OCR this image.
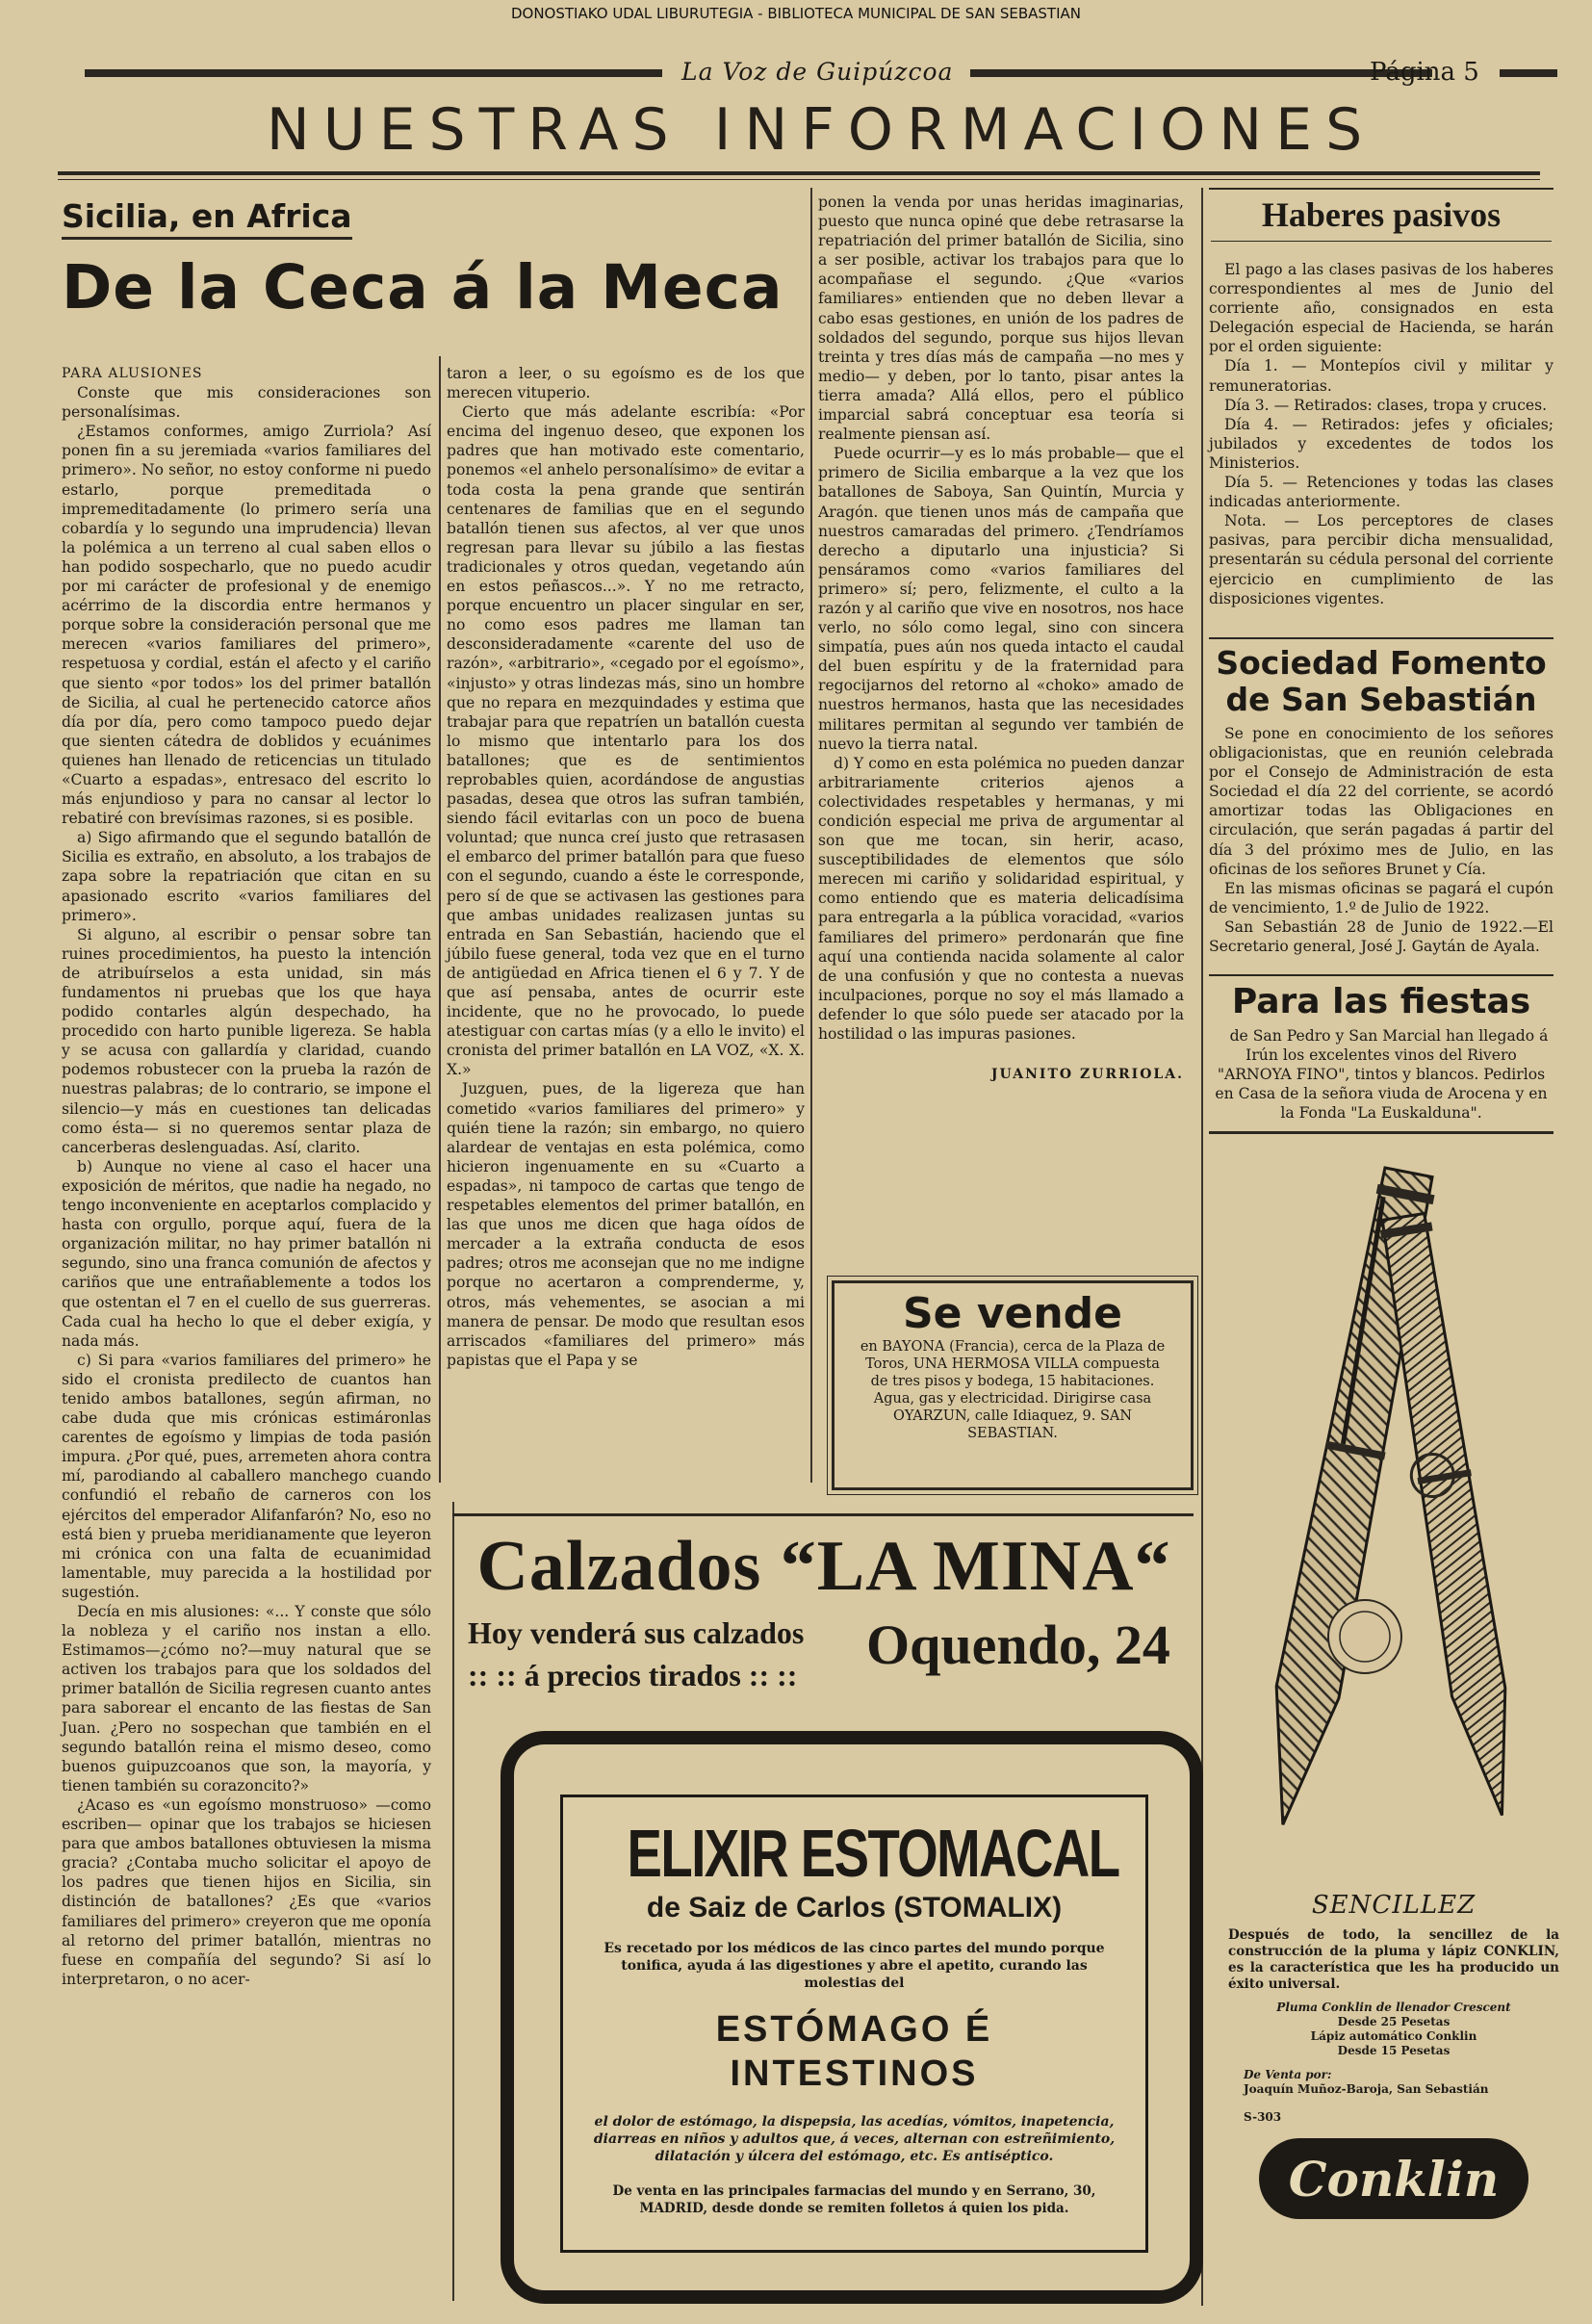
DONOSTIAKO UDAL LIBURUTEGIA - BIBLIOTECA MUNICIPAL DE SAN SEBASTIAN
La Voz de Guipúzcoa	Página 5
NUESTRAS INFORMACIONES
Sicilia, en Africa
De la Ceca á la Meca

PARA ALUSIONES

Conste que mis consideraciones son personalísimas.

¿Estamos conformes, amigo Zurriola? Así ponen fin a su jeremiada «varios familiares del primero». No señor, no estoy conforme ni puedo estarlo, porque premeditada o impremeditadamente (lo primero sería una cobardía y lo segundo una imprudencia) llevan la polémica a un terreno al cual saben ellos o han podido sospecharlo, que no puedo acudir por mi carácter de profesional y de enemigo acérrimo de la discordia entre hermanos y porque sobre la consideración personal que me merecen «varios familiares del primero», respetuosa y cordial, están el afecto y el cariño que siento «por todos» los del primer batallón de Sicilia, al cual he pertenecido catorce años día por día, pero como tampoco puedo dejar que sienten cátedra de doblidos y ecuánimes quienes han llenado de reticencias un titulado «Cuarto a espadas», entresaco del escrito lo más enjundioso y para no cansar al lector lo rebatiré con brevísimas razones, si es posible.

a) Sigo afirmando que el segundo batallón de Sicilia es extraño, en absoluto, a los trabajos de zapa sobre la repatriación que citan en su apasionado escrito «varios familiares del primero».

Si alguno, al escribir o pensar sobre tan ruines procedimientos, ha puesto la intención de atribuírselos a esta unidad, sin más fundamentos ni pruebas que los que haya podido contarles algún despechado, ha procedido con harto punible ligereza. Se habla y se acusa con gallardía y claridad, cuando podemos robustecer con la prueba la razón de nuestras palabras; de lo contrario, se impone el silencio—y más en cuestiones tan delicadas como ésta— si no queremos sentar plaza de cancerberas deslenguadas. Así, clarito.

b) Aunque no viene al caso el hacer una exposición de méritos, que nadie ha negado, no tengo inconveniente en aceptarlos complacido y hasta con orgullo, porque aquí, fuera de la organización militar, no hay primer batallón ni segundo, sino una franca comunión de afectos y cariños que une entrañablemente a todos los que ostentan el 7 en el cuello de sus guerreras. Cada cual ha hecho lo que el deber exigía, y nada más.

c) Si para «varios familiares del primero» he sido el cronista predilecto de cuantos han tenido ambos batallones, según afirman, no cabe duda que mis crónicas estimáronlas carentes de egoísmo y limpias de toda pasión impura. ¿Por qué, pues, arremeten ahora contra mí, parodiando al caballero manchego cuando confundió el rebaño de carneros con los ejércitos del emperador Alifanfarón? No, eso no está bien y prueba meridianamente que leyeron mi crónica con una falta de ecuanimidad lamentable, muy parecida a la hostilidad por sugestión.

Decía en mis alusiones: «... Y conste que sólo la nobleza y el cariño nos instan a ello. Estimamos—¿cómo no?—muy natural que se activen los trabajos para que los soldados del primer batallón de Sicilia regresen cuanto antes para saborear el encanto de las fiestas de San Juan. ¿Pero no sospechan que también en el segundo batallón reina el mismo deseo, como buenos guipuzcoanos que son, la mayoría, y tienen también su corazoncito?»

¿Acaso es «un egoísmo monstruoso» —como escriben— opinar que los trabajos se hiciesen para que ambos batallones obtuviesen la misma gracia? ¿Contaba mucho solicitar el apoyo de los padres que tienen hijos en Sicilia, sin distinción de batallones? ¿Es que «varios familiares del primero» creyeron que me oponía al retorno del primer batallón, mientras no fuese en compañía del segundo? Si así lo interpretaron, o no acer-

taron a leer, o su egoísmo es de los que merecen vituperio.

Cierto que más adelante escribía: «Por encima del ingenuo deseo, que exponen los padres que han motivado este comentario, ponemos «el anhelo personalísimo» de evitar a toda costa la pena grande que sentirán centenares de familias que en el segundo batallón tienen sus afectos, al ver que unos regresan para llevar su júbilo a las fiestas tradicionales y otros quedan, vegetando aún en estos peñascos...». Y no me retracto, porque encuentro un placer singular en ser, no como esos padres me llaman tan desconsideradamente «carente del uso de razón», «arbitrario», «cegado por el egoísmo», «injusto» y otras lindezas más, sino un hombre que no repara en mezquindades y estima que trabajar para que repatríen un batallón cuesta lo mismo que intentarlo para los dos batallones; que es de sentimientos reprobables quien, acordándose de angustias pasadas, desea que otros las sufran también, siendo fácil evitarlas con un poco de buena voluntad; que nunca creí justo que retrasasen el embarco del primer batallón para que fueso con el segundo, cuando a éste le corresponde, pero sí de que se activasen las gestiones para que ambas unidades realizasen juntas su entrada en San Sebastián, haciendo que el júbilo fuese general, toda vez que en el turno de antigüedad en Africa tienen el 6 y 7. Y de que así pensaba, antes de ocurrir este incidente, que no he provocado, lo puede atestiguar con cartas mías (y a ello le invito) el cronista del primer batallón en LA VOZ, «X. X. X.»

Juzguen, pues, de la ligereza que han cometido «varios familiares del primero» y quién tiene la razón; sin embargo, no quiero alardear de ventajas en esta polémica, como hicieron ingenuamente en su «Cuarto a espadas», ni tampoco de cartas que tengo de respetables elementos del primer batallón, en las que unos me dicen que haga oídos de mercader a la extraña conducta de esos padres; otros me aconsejan que no me indigne porque no acertaron a comprenderme, y, otros, más vehementes, se asocian a mi manera de pensar. De modo que resultan esos arriscados «familiares del primero» más papistas que el Papa y se

ponen la venda por unas heridas imaginarias, puesto que nunca opiné que debe retrasarse la repatriación del primer batallón de Sicilia, sino a ser posible, activar los trabajos para que lo acompañase el segundo. ¿Que «varios familiares» entienden que no deben llevar a cabo esas gestiones, en unión de los padres de soldados del segundo, porque sus hijos llevan treinta y tres días más de campaña —no mes y medio— y deben, por lo tanto, pisar antes la tierra amada? Allá ellos, pero el público imparcial sabrá conceptuar esa teoría si realmente piensan así.

Puede ocurrir—y es lo más probable— que el primero de Sicilia embarque a la vez que los batallones de Saboya, San Quintín, Murcia y Aragón. que tienen unos más de campaña que nuestros camaradas del primero. ¿Tendríamos derecho a diputarlo una injusticia? Si pensáramos como «varios familiares del primero» sí; pero, felizmente, el culto a la razón y al cariño que vive en nosotros, nos hace verlo, no sólo como legal, sino con sincera simpatía, pues aún nos queda intacto el caudal del buen espíritu y de la fraternidad para regocijarnos del retorno al «choko» amado de nuestros hermanos, hasta que las necesidades militares permitan al segundo ver también de nuevo la tierra natal.

d) Y como en esta polémica no pueden danzar arbitrariamente criterios ajenos a colectividades respetables y hermanas, y mi condición especial me priva de argumentar al son que me tocan, sin herir, acaso, susceptibilidades de elementos que sólo merecen mi cariño y solidaridad espiritual, y como entiendo que es materia delicadísima para entregarla a la pública voracidad, «varios familiares del primero» perdonarán que fine aquí una contienda nacida solamente al calor de una confusión y que no contesta a nuevas inculpaciones, porque no soy el más llamado a defender lo que sólo puede ser atacado por la hostilidad o las impuras pasiones.

JUANITO ZURRIOLA.

Se vende
en BAYONA (Francia), cerca de la Plaza de Toros, UNA HERMOSA VILLA compuesta de tres pisos y bodega, 15 habitaciones. Agua, gas y electricidad. Dirigirse casa OYARZUN, calle Idiaquez, 9. SAN SEBASTIAN.
Calzados “LA MINA“
Hoy venderá sus calzados
:: :: á precios tirados :: :: Oquendo, 24
ELIXIR ESTOMACAL
de Saiz de Carlos (STOMALIX)
Es recetado por los médicos de las cinco partes del mundo porque tonifica, ayuda á las digestiones y abre el apetito, curando las molestias del
ESTÓMAGO É
INTESTINOS
el dolor de estómago, la dispepsia, las acedías, vómitos, inapetencia, diarreas en niños y adultos que, á veces, alternan con estreñimiento, dilatación y úlcera del estómago, etc. Es antiséptico.
De venta en las principales farmacias del mundo y en Serrano, 30, MADRID, desde donde se remiten folletos á quien los pida.
Haberes pasivos

El pago a las clases pasivas de los haberes correspondientes al mes de Junio del corriente año, consignados en esta Delegación especial de Hacienda, se harán por el orden siguiente:

Día 1. — Montepíos civil y militar y remuneratorias.

Día 3. — Retirados: clases, tropa y cruces.

Día 4. — Retirados: jefes y oficiales; jubilados y excedentes de todos los Ministerios.

Día 5. — Retenciones y todas las clases indicadas anteriormente.

Nota. — Los perceptores de clases pasivas, para percibir dicha mensualidad, presentarán su cédula personal del corriente ejercicio en cumplimiento de las disposiciones vigentes.

Sociedad Fomento
de San Sebastián

Se pone en conocimiento de los señores obligacionistas, que en reunión celebrada por el Consejo de Administración de esta Sociedad el día 22 del corriente, se acordó amortizar todas las Obligaciones en circulación, que serán pagadas á partir del día 3 del próximo mes de Julio, en las oficinas de los señores Brunet y Cía.

En las mismas oficinas se pagará el cupón de vencimiento, 1.º de Julio de 1922.

San Sebastián 28 de Junio de 1922.—El Secretario general, José J. Gaytán de Ayala.

Para las fiestas

de San Pedro y San Marcial han llegado á Irún los excelentes vinos del Rivero "ARNOYA FINO", tintos y blancos. Pedirlos en Casa de la señora viuda de Arocena y en la Fonda "La Euskalduna".

SENCILLEZ
Después de todo, la sencillez de la construcción de la pluma y lápiz CONKLIN, es la característica que les ha producido un éxito universal.
Pluma Conklin de llenador Crescent
Desde 25 Pesetas
Lápiz automático Conklin
Desde 15 Pesetas
De Venta por:
Joaquín Muñoz-Baroja, San Sebastián
S-303
Conklin
